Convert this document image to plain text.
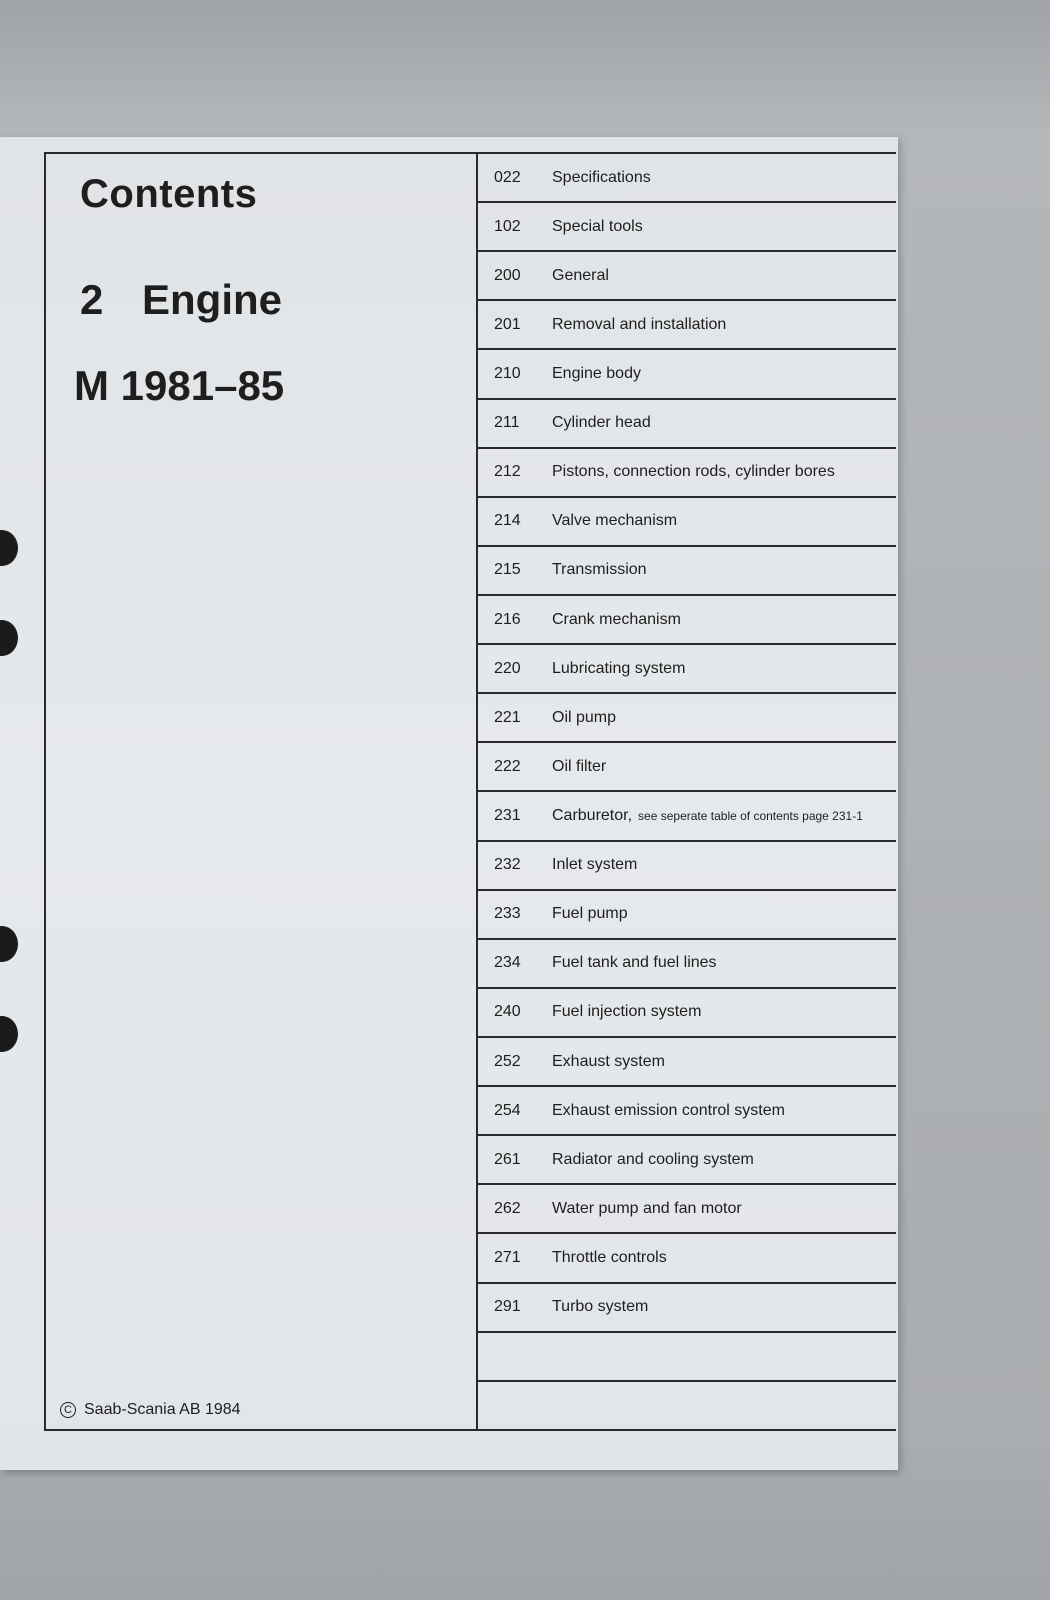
Contents
2 Engine
M 1981–85
C Saab-Scania AB 1984
022	Specifications
102	Special tools
200	General
201	Removal and installation
210	Engine body
211	Cylinder head
212	Pistons, connection rods, cylinder bores
214	Valve mechanism
215	Transmission
216	Crank mechanism
220	Lubricating system
221	Oil pump
222	Oil filter
231	Carburetor, see seperate table of contents page 231-1
232	Inlet system
233	Fuel pump
234	Fuel tank and fuel lines
240	Fuel injection system
252	Exhaust system
254	Exhaust emission control system
261	Radiator and cooling system
262	Water pump and fan motor
271	Throttle controls
291	Turbo system
